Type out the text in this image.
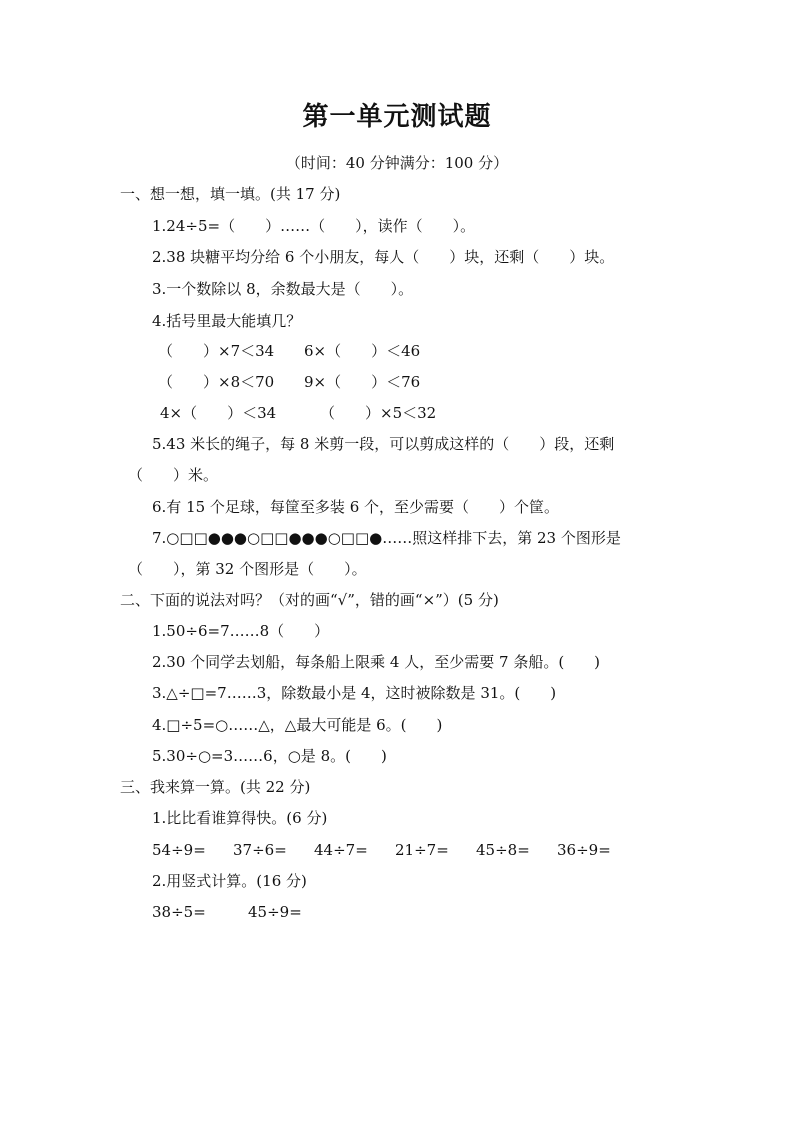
第一单元测试题
（时间：40 分钟满分：100 分）
一、想一想，填一填。(共 17 分)
1.24÷5=（　　）……（　　），读作（　　）。
2.38 块糖平均分给 6 个小朋友，每人（　　）块，还剩（　　）块。
3.一个数除以 8，余数最大是（　　）。
4.括号里最大能填几？
（　　）×7＜34 6×（　　）＜46
（　　）×8＜70 9×（　　）＜76
4×（　　）＜34	（　　）×5＜32
5.43 米长的绳子，每 8 米剪一段，可以剪成这样的（　　）段，还剩
（　　）米。
6.有 15 个足球，每筐至多装 6 个，至少需要（　　）个筐。
7.○□□●●●○□□●●●○□□●……照这样排下去，第 23 个图形是
（　　），第 32 个图形是（　　）。
二、下面的说法对吗？（对的画“√”，错的画“×”）(5 分)
1.50÷6=7……8（　　）
2.30 个同学去划船，每条船上限乘 4 人，至少需要 7 条船。(　　)
3.△÷□=7……3，除数最小是 4，这时被除数是 31。(　　)
4.□÷5=○……△，△最大可能是 6。(　　)
5.30÷○=3……6，○是 8。(　　)
三、我来算一算。(共 22 分)
1.比比看谁算得快。(6 分)
54÷9= 37÷6= 44÷7= 21÷7= 45÷8= 36÷9=
2.用竖式计算。(16 分)
38÷5=	45÷9=
